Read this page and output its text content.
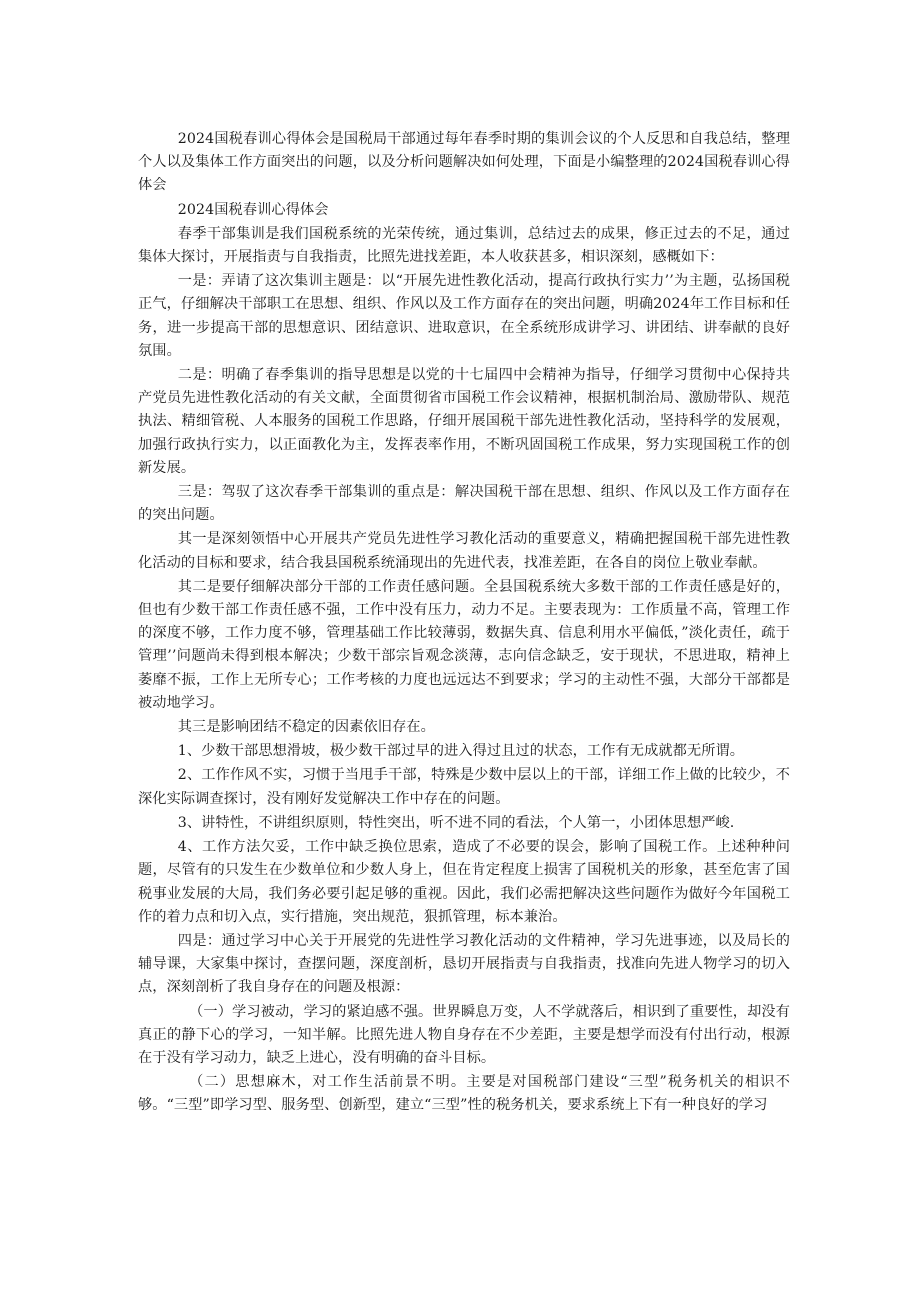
2024国税春训心得体会是国税局干部通过每年春季时期的集训会议的个人反思和自我总结，整理个人以及集体工作方面突出的问题，以及分析问题解决如何处理，下面是小编整理的2024国税春训心得体会

2024国税春训心得体会

春季干部集训是我们国税系统的光荣传统，通过集训，总结过去的成果，修正过去的不足，通过集体大探讨，开展指责与自我指责，比照先进找差距，本人收获甚多，相识深刻，感概如下：

一是：弄请了这次集训主题是：以“开展先进性教化活动，提高行政执行实力’’为主题，弘扬国税正气，仔细解决干部职工在思想、组织、作风以及工作方面存在的突出问题，明确2024年工作目标和任务，进一步提高干部的思想意识、团结意识、进取意识，在全系统形成讲学习、讲团结、讲奉献的良好氛围。

二是：明确了春季集训的指导思想是以党的十七届四中会精神为指导，仔细学习贯彻中心保持共产党员先进性教化活动的有关文献，全面贯彻省市国税工作会议精神，根据机制治局、激励带队、规范执法、精细管税、人本服务的国税工作思路，仔细开展国税干部先进性教化活动，坚持科学的发展观，加强行政执行实力，以正面教化为主，发挥表率作用，不断巩固国税工作成果，努力实现国税工作的创新发展。

三是：驾驭了这次春季干部集训的重点是：解决国税干部在思想、组织、作风以及工作方面存在的突出问题。

其一是深刻领悟中心开展共产党员先进性学习教化活动的重要意义，精确把握国税干部先进性教化活动的目标和要求，结合我县国税系统涌现出的先进代表，找准差距，在各自的岗位上敬业奉献。

其二是要仔细解决部分干部的工作责任感问题。全县国税系统大多数干部的工作责任感是好的，但也有少数干部工作责任感不强，工作中没有压力，动力不足。主要表现为：工作质量不高，管理工作的深度不够，工作力度不够，管理基础工作比较薄弱，数据失真、信息利用水平偏低，”淡化责任，疏于管理’’问题尚未得到根本解决；少数干部宗旨观念淡薄，志向信念缺乏，安于现状，不思进取，精神上萎靡不振，工作上无所专心；工作考核的力度也远远达不到要求；学习的主动性不强，大部分干部都是被动地学习。

其三是影响团结不稳定的因素依旧存在。

1、少数干部思想滑坡，极少数干部过早的进入得过且过的状态，工作有无成就都无所谓。

2、工作作风不实，习惯于当甩手干部，特殊是少数中层以上的干部，详细工作上做的比较少，不深化实际调查探讨，没有刚好发觉解决工作中存在的问题。

3、讲特性，不讲组织原则，特性突出，听不进不同的看法，个人第一，小团体思想严峻.

4、工作方法欠妥，工作中缺乏换位思索，造成了不必要的误会，影响了国税工作。上述种种问题，尽管有的只发生在少数单位和少数人身上，但在肯定程度上损害了国税机关的形象，甚至危害了国税事业发展的大局，我们务必要引起足够的重视。因此，我们必需把解决这些问题作为做好今年国税工作的着力点和切入点，实行措施，突出规范，狠抓管理，标本兼治。

四是：通过学习中心关于开展党的先进性学习教化活动的文件精神，学习先进事迹，以及局长的辅导课，大家集中探讨，查摆问题，深度剖析，恳切开展指责与自我指责，找准向先进人物学习的切入点，深刻剖析了我自身存在的问题及根源：

（一）学习被动，学习的紧迫感不强。世界瞬息万变，人不学就落后，相识到了重要性，却没有真正的静下心的学习，一知半解。比照先进人物自身存在不少差距，主要是想学而没有付出行动，根源在于没有学习动力，缺乏上进心，没有明确的奋斗目标。

（二）思想麻木，对工作生活前景不明。主要是对国税部门建设“三型”税务机关的相识不够。“三型”即学习型、服务型、创新型，建立“三型”性的税务机关，要求系统上下有一种良好的学习
